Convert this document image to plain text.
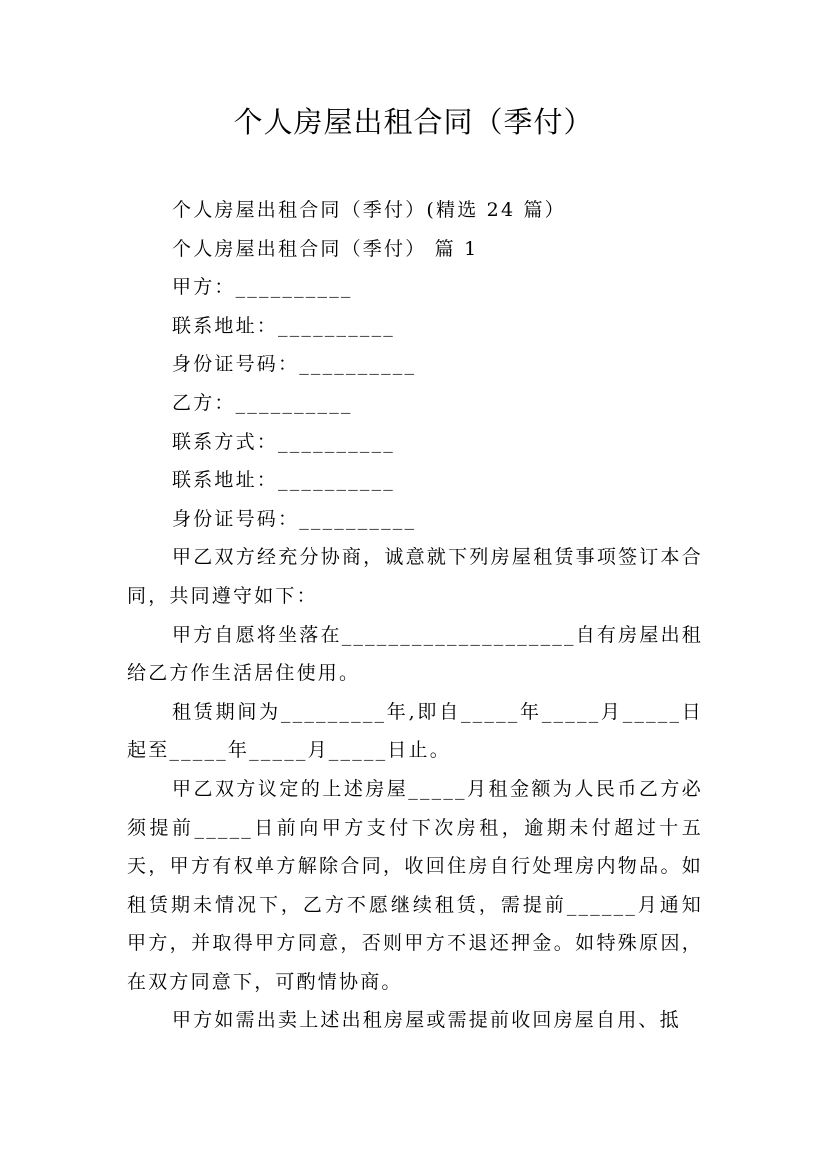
个人房屋出租合同（季付）
个人房屋出租合同（季付）(精选 24 篇）
个人房屋出租合同（季付） 篇 1
甲方：__________
联系地址：__________
身份证号码：__________
乙方：__________
联系方式：__________
联系地址：__________
身份证号码：__________

甲乙双方经充分协商，诚意就下列房屋租赁事项签订本合同，共同遵守如下：

甲方自愿将坐落在____________________自有房屋出租给乙方作生活居住使用。

租赁期间为_________年,即自_____年_____月_____日起至_____年_____月_____日止。

甲乙双方议定的上述房屋_____月租金额为人民币乙方必须提前_____日前向甲方支付下次房租，逾期未付超过十五天，甲方有权单方解除合同，收回住房自行处理房内物品。如租赁期未情况下，乙方不愿继续租赁，需提前______月通知甲方，并取得甲方同意，否则甲方不退还押金。如特殊原因，在双方同意下，可酌情协商。

甲方如需出卖上述出租房屋或需提前收回房屋自用、抵
